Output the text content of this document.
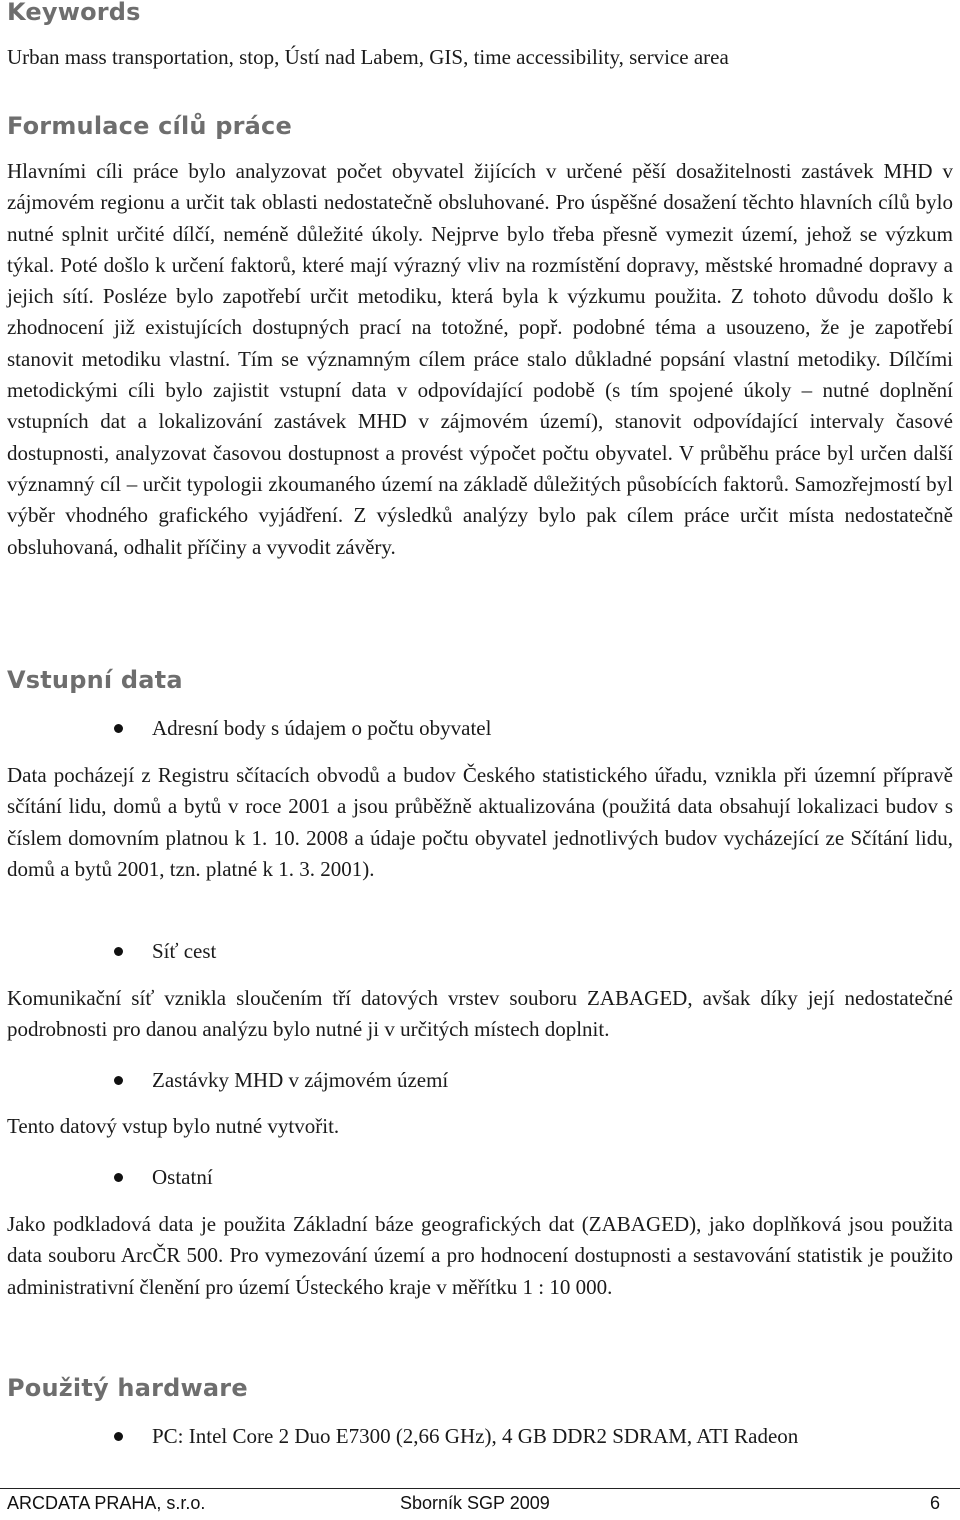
Keywords
Urban mass transportation, stop, Ústí nad Labem, GIS, time accessibility, service area
Formulace cílů práce

Hlavními cíli práce bylo analyzovat počet obyvatel žijících v určené pěší dosažitelnosti zastávek MHD v zájmovém regionu a určit tak oblasti nedostatečně obsluhované. Pro úspěšné dosažení těchto hlavních cílů bylo nutné splnit určité dílčí, neméně důležité úkoly. Nejprve bylo třeba přesně vymezit území, jehož se výzkum týkal. Poté došlo k určení faktorů, které mají výrazný vliv na rozmístění dopravy, městské hromadné dopravy a jejich sítí. Posléze bylo zapotřebí určit metodiku, která byla k výzkumu použita. Z tohoto důvodu došlo k zhodnocení již existujících dostupných prací na totožné, popř. podobné téma a usouzeno, že je zapotřebí stanovit metodiku vlastní. Tím se významným cílem práce stalo důkladné popsání vlastní metodiky. Dílčími metodickými cíli bylo zajistit vstupní data v odpovídající podobě (s tím spojené úkoly – nutné doplnění vstupních dat a lokalizování zastávek MHD v zájmovém území), stanovit odpovídající intervaly časové dostupnosti, analyzovat časovou dostupnost a provést výpočet počtu obyvatel. V průběhu práce byl určen další významný cíl – určit typologii zkoumaného území na základě důležitých působících faktorů. Samozřejmostí byl výběr vhodného grafického vyjádření. Z výsledků analýzy bylo pak cílem práce určit místa nedostatečně obsluhovaná, odhalit příčiny a vyvodit závěry.

Vstupní data
Adresní body s údajem o počtu obyvatel

Data pocházejí z Registru sčítacích obvodů a budov Českého statistického úřadu, vznikla při územní přípravě sčítání lidu, domů a bytů v roce 2001 a jsou průběžně aktualizována (použitá data obsahují lokalizaci budov s číslem domovním platnou k 1. 10. 2008 a údaje počtu obyvatel jednotlivých budov vycházející ze Sčítání lidu, domů a bytů 2001, tzn. platné k 1. 3. 2001).

Síť cest

Komunikační síť vznikla sloučením tří datových vrstev souboru ZABAGED, avšak díky její nedostatečné podrobnosti pro danou analýzu bylo nutné ji v určitých místech doplnit.

Zastávky MHD v zájmovém území

Tento datový vstup bylo nutné vytvořit.

Ostatní

Jako podkladová data je použita Základní báze geografických dat (ZABAGED), jako doplňková jsou použita data souboru ArcČR 500. Pro vymezování území a pro hodnocení dostupnosti a sestavování statistik je použito administrativní členění pro území Ústeckého kraje v měřítku 1 : 10 000.

Použitý hardware
PC: Intel Core 2 Duo E7300 (2,66 GHz), 4 GB DDR2 SDRAM, ATI Radeon
ARCDATA PRAHA, s.r.o.	Sborník SGP 2009	6
